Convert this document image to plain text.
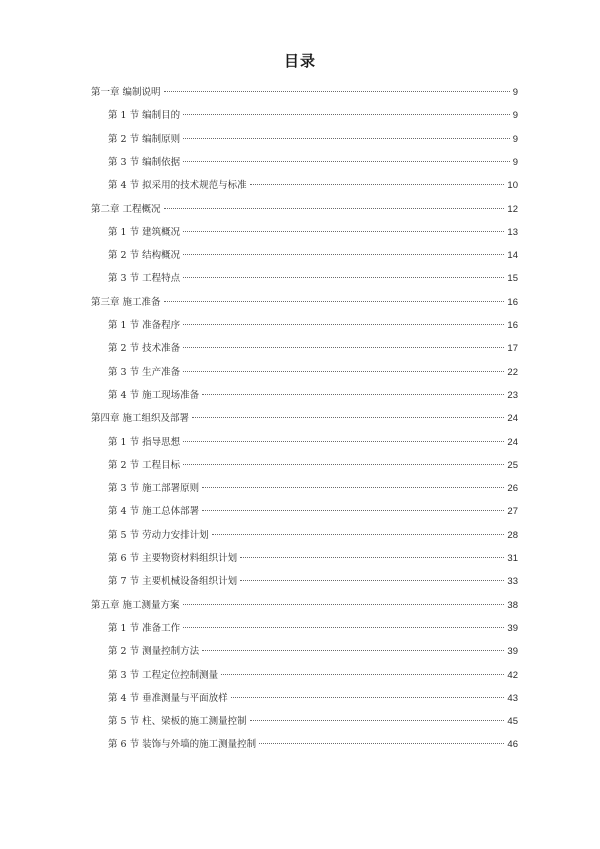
目录
第一章 编制说明	9
第 1 节 编制目的	9
第 2 节 编制原则	9
第 3 节 编制依据	9
第 4 节 拟采用的技术规范与标准	10
第二章 工程概况	12
第 1 节 建筑概况	13
第 2 节 结构概况	14
第 3 节 工程特点	15
第三章 施工准备	16
第 1 节 准备程序	16
第 2 节 技术准备	17
第 3 节 生产准备	22
第 4 节 施工现场准备	23
第四章 施工组织及部署	24
第 1 节 指导思想	24
第 2 节 工程目标	25
第 3 节 施工部署原则	26
第 4 节 施工总体部署	27
第 5 节 劳动力安排计划	28
第 6 节 主要物资材料组织计划	31
第 7 节 主要机械设备组织计划	33
第五章 施工测量方案	38
第 1 节 准备工作	39
第 2 节 测量控制方法	39
第 3 节 工程定位控制测量	42
第 4 节 垂准测量与平面放样	43
第 5 节 柱、梁板的施工测量控制	45
第 6 节 装饰与外墙的施工测量控制	46
